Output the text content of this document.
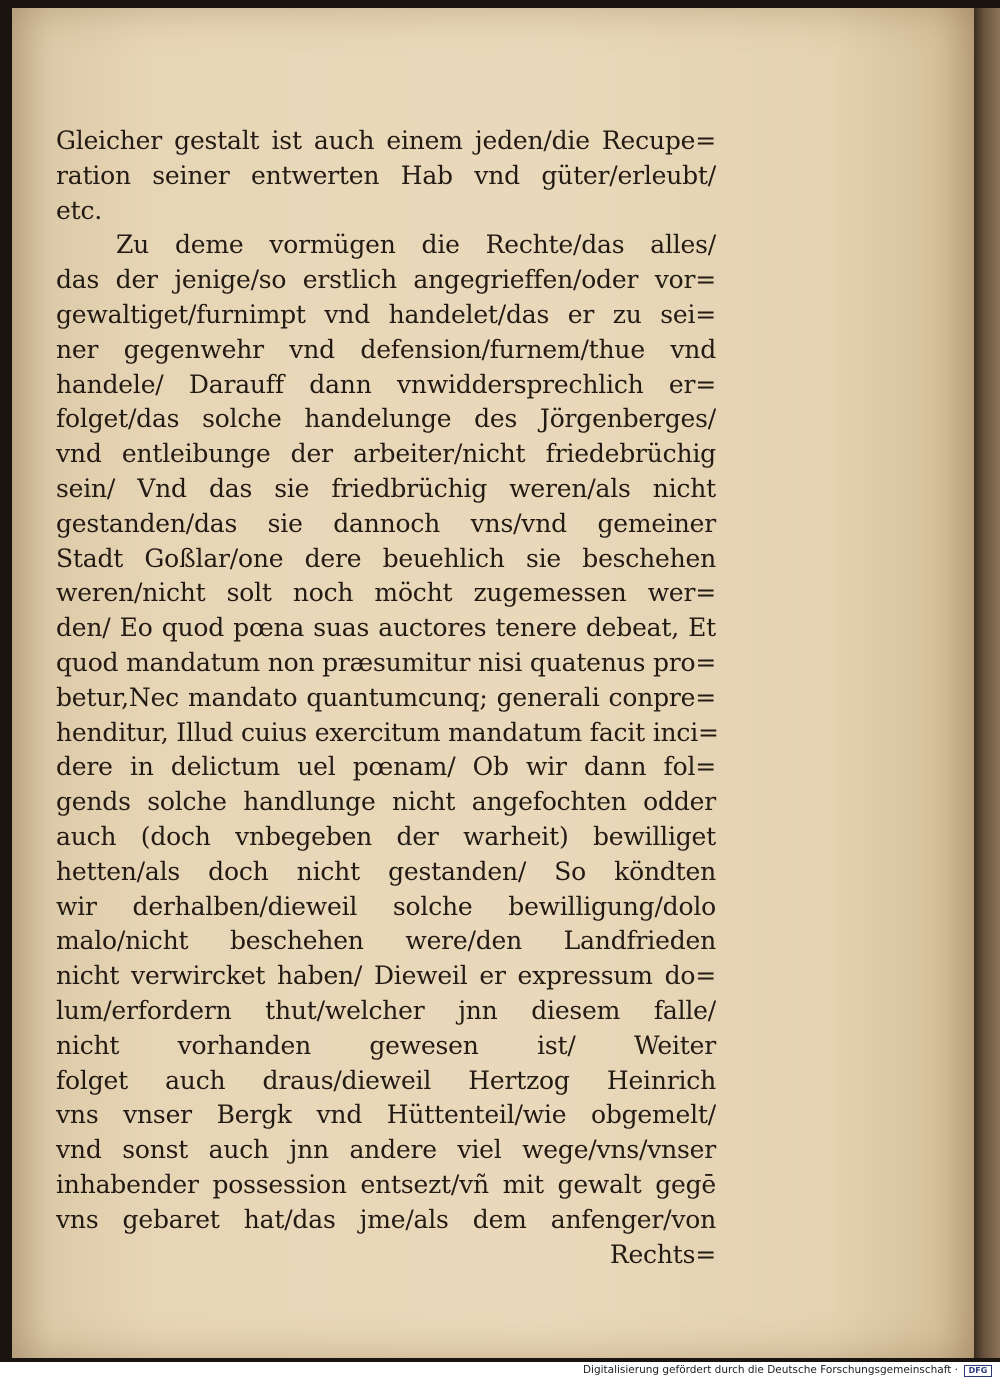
Gleicher gestalt ist auch einem jeden/die Recupe=
ration seiner entwerten Hab vnd güter/erleubt/
etc.
Zu deme vormügen die Rechte/das alles/
das der jenige/so erstlich angegrieffen/oder vor=
gewaltiget/furnimpt vnd handelet/das er zu sei=
ner gegenwehr vnd defension/furnem/thue vnd
handele/ Darauff dann vnwiddersprechlich er=
folget/das solche handelunge des Jörgenberges/
vnd entleibunge der arbeiter/nicht friedebrüchig
sein/ Vnd das sie friedbrüchig weren/als nicht
gestanden/das sie dannoch vns/vnd gemeiner
Stadt Goßlar/one dere beuehlich sie beschehen
weren/nicht solt noch möcht zugemessen wer=
den/ Eo quod pœna suas auctores tenere debeat, Et
quod mandatum non præsumitur nisi quatenus pro=
betur,Nec mandato quantumcunq; generali conpre=
henditur, Illud cuius exercitum mandatum facit inci=
dere in delictum uel pœnam/ Ob wir dann fol=
gends solche handlunge nicht angefochten odder
auch (doch vnbegeben der warheit) bewilliget
hetten/als doch nicht gestanden/ So köndten
wir derhalben/dieweil solche bewilligung/dolo
malo/nicht beschehen were/den Landfrieden
nicht verwircket haben/ Dieweil er expressum do=
lum/erfordern thut/welcher jnn diesem falle/
nicht vorhanden gewesen ist/ Weiter
folget auch draus/dieweil Hertzog Heinrich
vns vnser Bergk vnd Hüttenteil/wie obgemelt/
vnd sonst auch jnn andere viel wege/vns/vnser
inhabender possession entsezt/vñ mit gewalt gegē
vns gebaret hat/das jme/als dem anfenger/von
Rechts=
Digitalisierung gefördert durch die Deutsche Forschungsgemeinschaft ·	DFG
